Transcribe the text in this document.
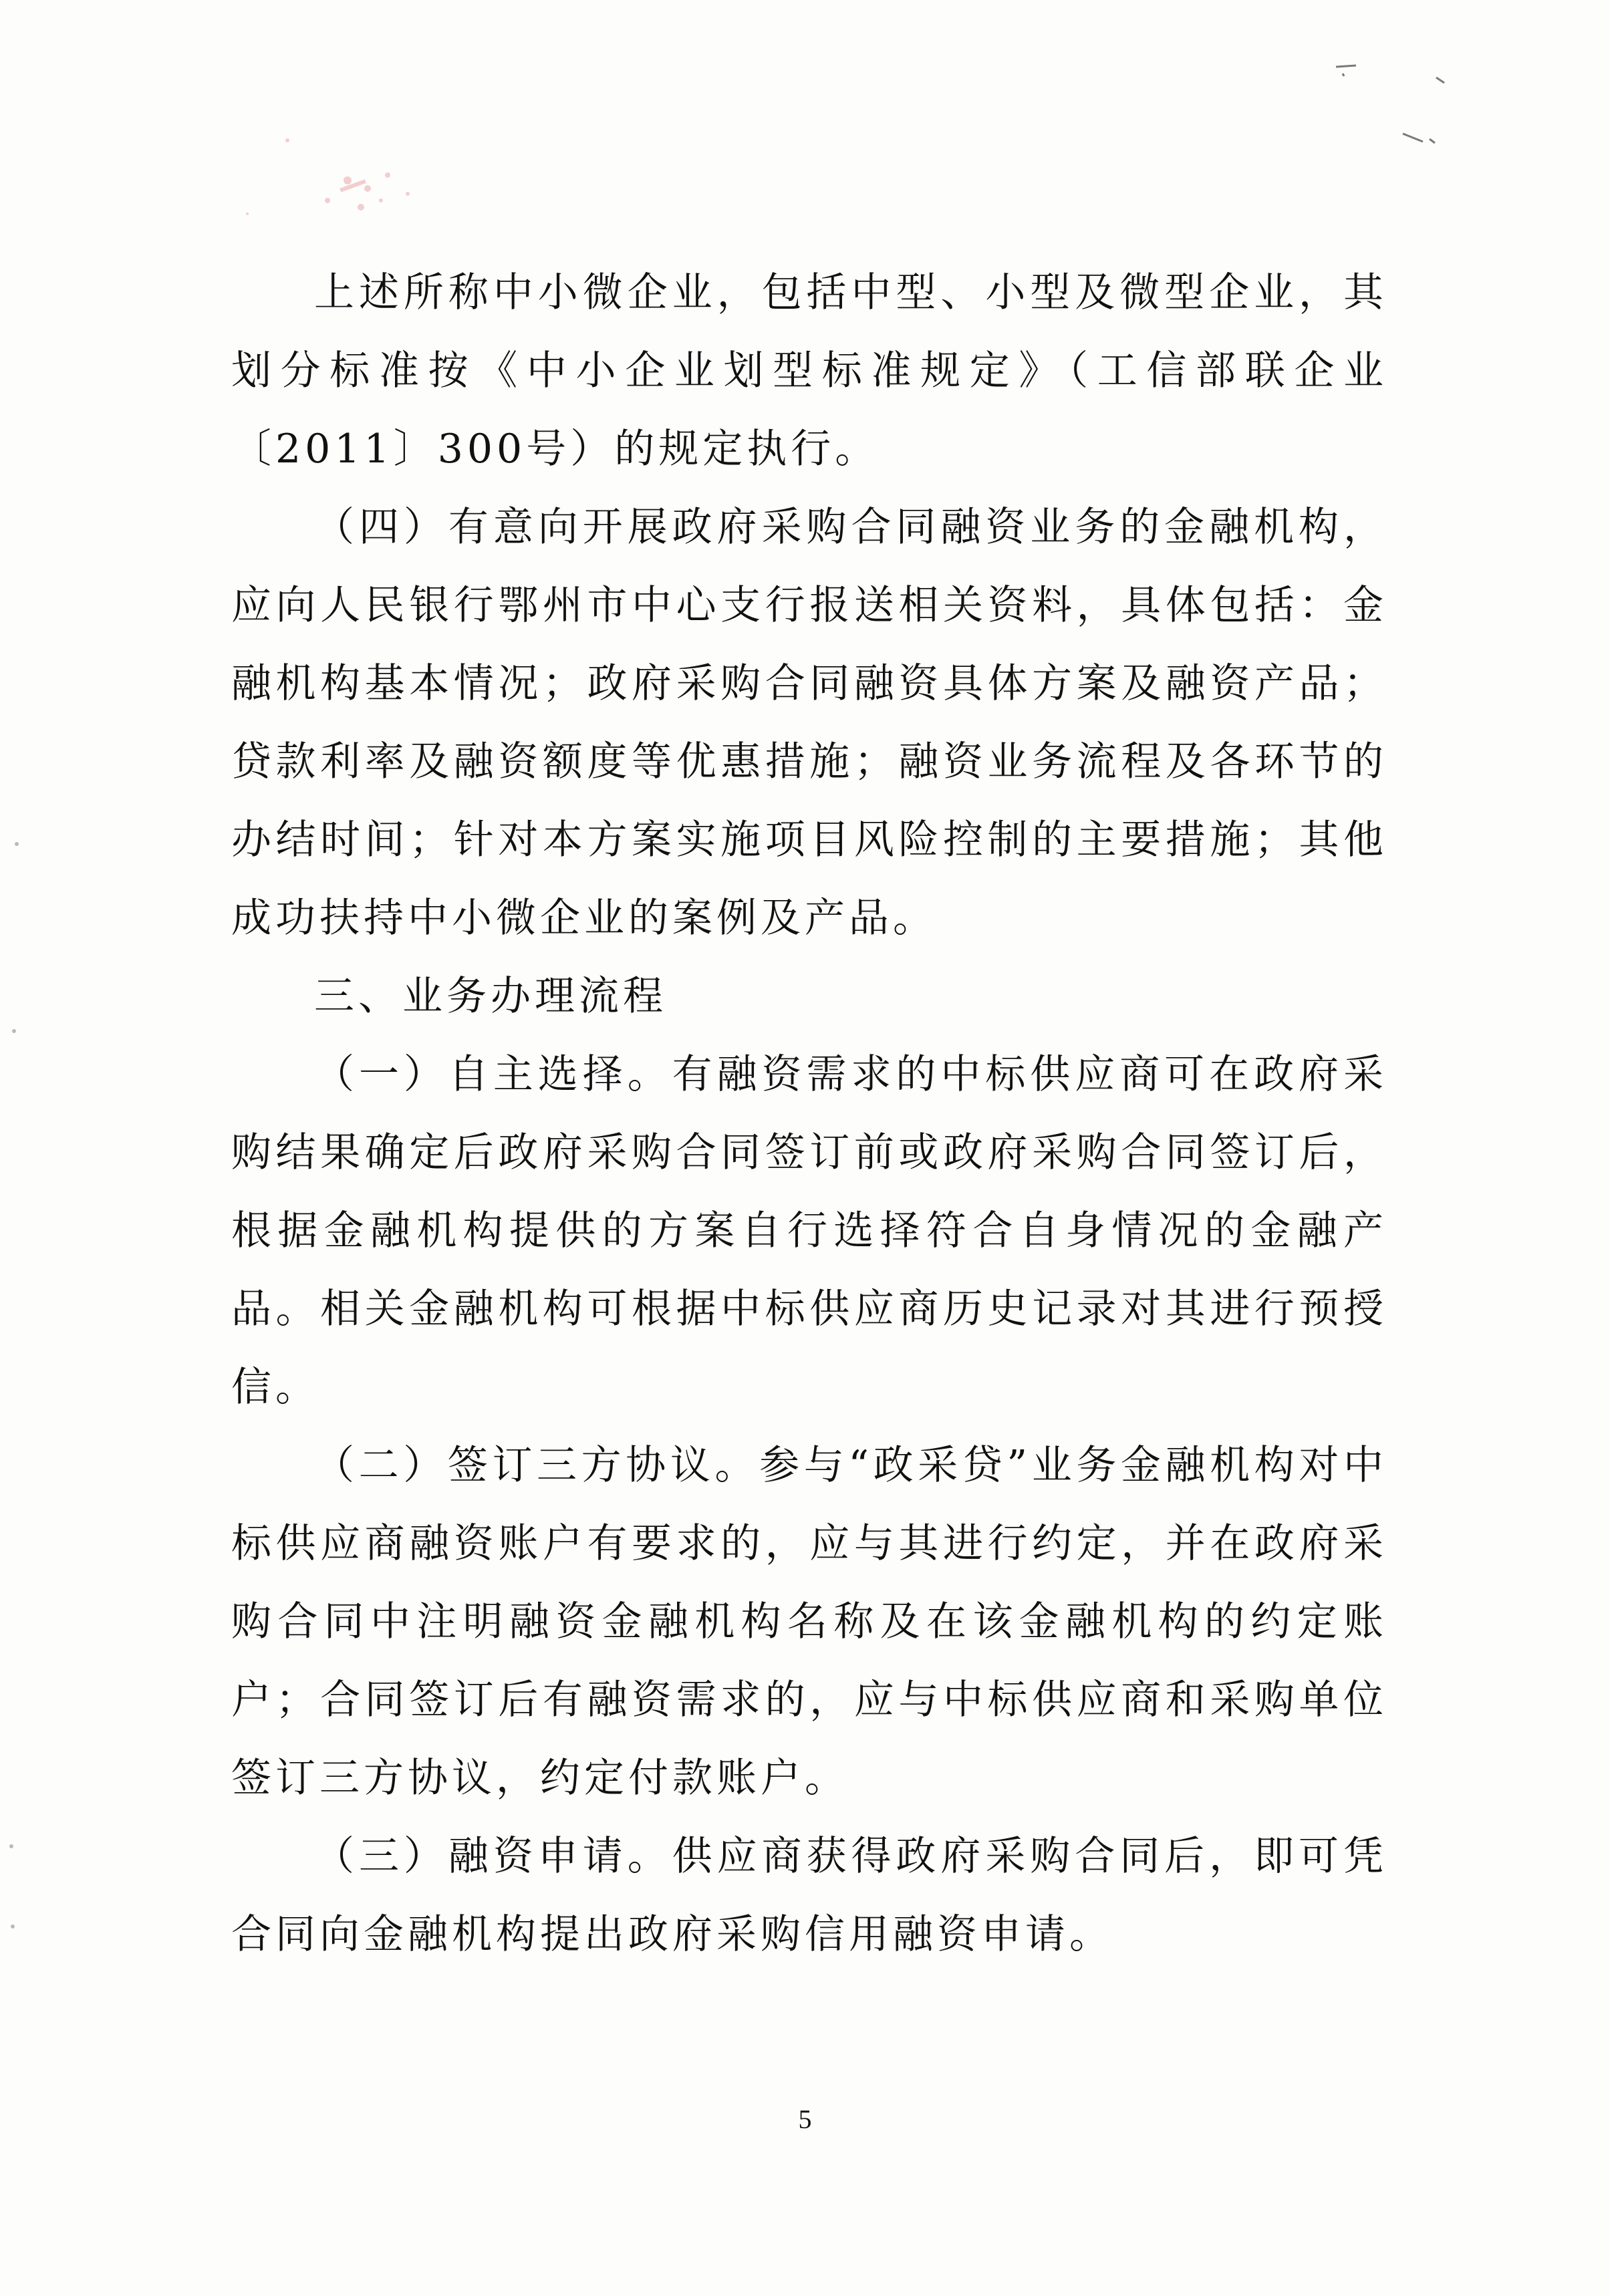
上述所称中小微企业，包括中型、小型及微型企业，其划分标准按《中小企业划型标准规定》（工信部联企业〔2011〕300号）的规定执行。

（四）有意向开展政府采购合同融资业务的金融机构，应向人民银行鄂州市中心支行报送相关资料，具体包括：金融机构基本情况；政府采购合同融资具体方案及融资产品；贷款利率及融资额度等优惠措施；融资业务流程及各环节的办结时间；针对本方案实施项目风险控制的主要措施；其他成功扶持中小微企业的案例及产品。

三、业务办理流程

（一）自主选择。有融资需求的中标供应商可在政府采购结果确定后政府采购合同签订前或政府采购合同签订后，根据金融机构提供的方案自行选择符合自身情况的金融产品。相关金融机构可根据中标供应商历史记录对其进行预授信。

（二）签订三方协议。参与“政采贷”业务金融机构对中标供应商融资账户有要求的，应与其进行约定，并在政府采购合同中注明融资金融机构名称及在该金融机构的约定账户；合同签订后有融资需求的，应与中标供应商和采购单位签订三方协议，约定付款账户。

（三）融资申请。供应商获得政府采购合同后，即可凭合同向金融机构提出政府采购信用融资申请。

5
